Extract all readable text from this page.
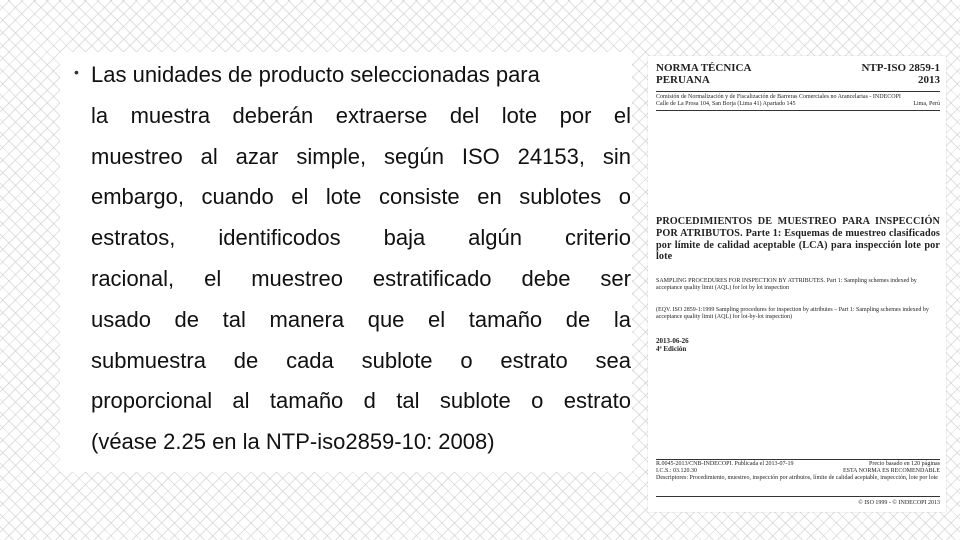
• Las unidades de producto seleccionadas para
la muestra deberán extraerse del lote por el
muestreo al azar simple, según ISO 24153, sin
embargo, cuando el lote consiste en sublotes o
estratos, identificodos baja algún criterio
racional, el muestreo estratificado debe ser
usado de tal manera que el tamaño de la
submuestra de cada sublote o estrato sea
proporcional al tamaño d tal sublote o estrato
(véase 2.25 en la NTP-iso2859-10: 2008)
NORMA TÉCNICA
PERUANA
NTP-ISO 2859-1
2013
Comisión de Normalización y de Fiscalización de Barreras Comerciales no Arancelarias - INDECOPI
Calle de La Prosa 104, San Borja (Lima 41) Apartado 145	Lima, Perú
PROCEDIMIENTOS DE MUESTREO PARA INSPECCIÓN POR ATRIBUTOS. Parte 1: Esquemas de muestreo clasificados por límite de calidad aceptable (LCA) para inspección lote por lote
SAMPLING PROCEDURES FOR INSPECTION BY ATTRIBUTES. Part 1: Sampling schemes indexed by acceptance quality limit (AQL) for lot by lot inspection
(EQV. ISO 2859-1:1999 Sampling procedures for inspection by attributes – Part 1: Sampling schemes indexed by acceptance quality limit (AQL) for lot-by-lot inspection)
2013-06-26
4ª Edición
R.0045-2013/CNB-INDECOPI. Publicada el 2013-07-19	Precio basado en 120 páginas
I.C.S.: 03.120.30	ESTA NORMA ES RECOMENDABLE
Descriptores: Procedimiento, muestreo, inspección por atributos, límite de calidad aceptable, inspección, lote por lote
© ISO 1999 - © INDECOPI 2013
